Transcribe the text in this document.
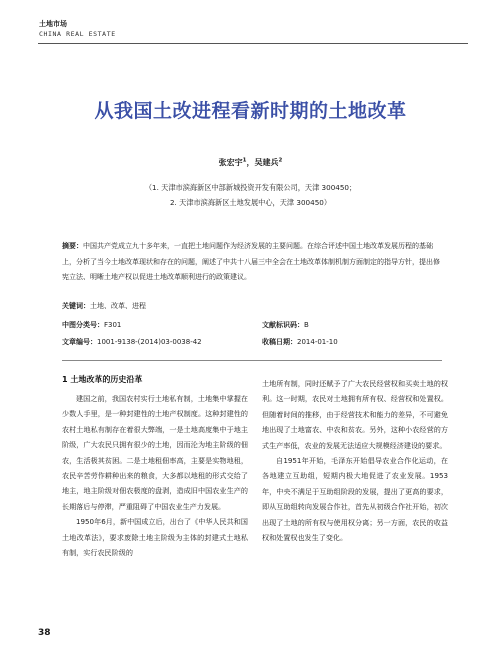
土地市场
CHINA REAL ESTATE
从我国土改进程看新时期的土地改革
张宏宇$^1$，吴建兵$^2$
（1. 天津市滨海新区中部新城投资开发有限公司，天津 300450；
2. 天津市滨海新区土地发展中心，天津 300450）
摘要：中国共产党成立九十多年来，一直把土地问题作为经济发展的主要问题。在综合评述中国土地改革发展历程的基础上，分析了当今土地改革现状和存在的问题，阐述了中共十八届三中全会在土地改革体制机制方面制定的指导方针，提出修宪立法、明晰土地产权以促进土地改革顺利进行的政策建议。
关键词：土地、改革、进程
中图分类号：F301	文献标识码：B
文章编号：1001-9138-(2014)03-0038-42	收稿日期：2014-01-10
1 土地改革的历史沿革

建国之前，我国农村实行土地私有制，土地集中掌握在少数人手里，是一种封建性的土地产权制度。这种封建性的农村土地私有制存在着很大弊端，一是土地高度集中于地主阶级，广大农民只拥有很少的土地，因而沦为地主阶级的佃农，生活极其贫困。二是土地租佃率高，主要是实物地租，农民辛苦劳作耕种出来的粮食，大多都以地租的形式交给了地主，地主阶级对佃农极度的盘剥，造成旧中国农业生产的长期落后与停滞，严重阻碍了中国农业生产力发展。

1950年6月，新中国成立后，出台了《中华人民共和国土地改革法》，要求废除土地主阶级为主体的封建式土地私有制，实行农民阶级的

土地所有制，同时还赋予了广大农民经营权和买卖土地的权利。这一时期，农民对土地拥有所有权、经营权和处置权。但随着时间的推移，由于经营技术和能力的差异，不可避免地出现了土地富农、中农和贫农。另外，这种小农经营的方式生产率低，农业的发展无法适应大规模经济建设的要求。

自1951年开始，毛泽东开始倡导农业合作化运动，在各地建立互助组，短期内极大地促进了农业发展。1953年，中央不满足于互助组阶段的发展，提出了更高的要求，即从互助组转向发展合作社，首先从初级合作社开始，初次出现了土地的所有权与使用权分离；另一方面，农民的收益权和处置权也发生了变化。

38
